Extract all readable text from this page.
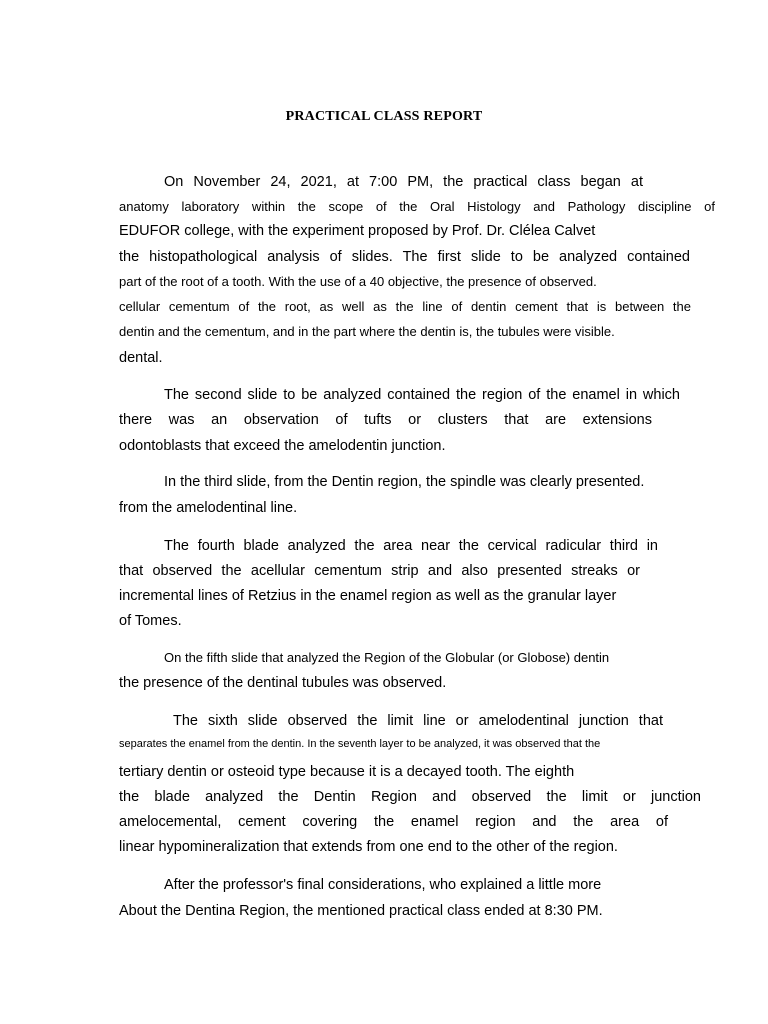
PRACTICAL CLASS REPORT
On November 24, 2021, at 7:00 PM, the practical class began at
anatomy laboratory within the scope of the Oral Histology and Pathology discipline of
EDUFOR college, with the experiment proposed by Prof. Dr. Clélea Calvet
the histopathological analysis of slides. The first slide to be analyzed contained
part of the root of a tooth. With the use of a 40 objective, the presence of observed.
cellular cementum of the root, as well as the line of dentin cement that is between the
dentin and the cementum, and in the part where the dentin is, the tubules were visible.
dental.
The second slide to be analyzed contained the region of the enamel in which
there was an observation of tufts or clusters that are extensions
odontoblasts that exceed the amelodentin junction.
In the third slide, from the Dentin region, the spindle was clearly presented.
from the amelodentinal line.
The fourth blade analyzed the area near the cervical radicular third in
that observed the acellular cementum strip and also presented streaks or
incremental lines of Retzius in the enamel region as well as the granular layer
of Tomes.
On the fifth slide that analyzed the Region of the Globular (or Globose) dentin
the presence of the dentinal tubules was observed.
The sixth slide observed the limit line or amelodentinal junction that
separates the enamel from the dentin. In the seventh layer to be analyzed, it was observed that the
tertiary dentin or osteoid type because it is a decayed tooth. The eighth
the blade analyzed the Dentin Region and observed the limit or junction
amelocemental, cement covering the enamel region and the area of
linear hypomineralization that extends from one end to the other of the region.
After the professor's final considerations, who explained a little more
About the Dentina Region, the mentioned practical class ended at 8:30 PM.
